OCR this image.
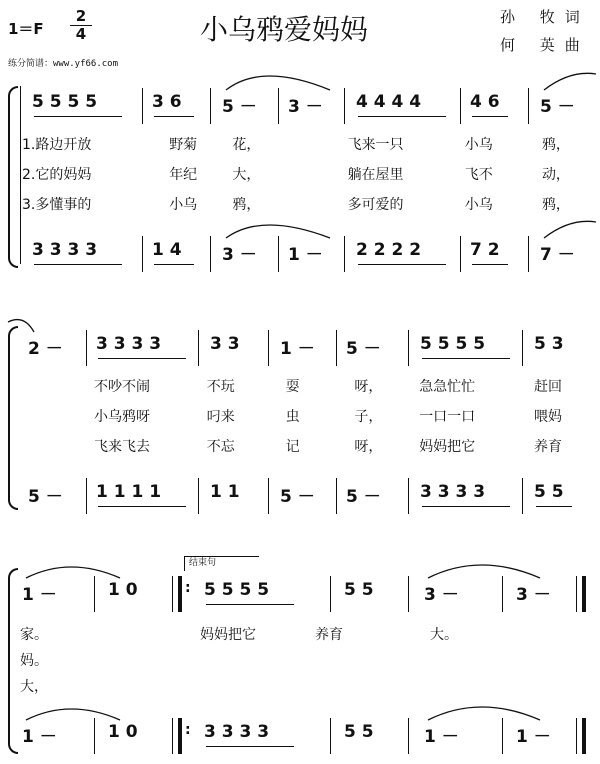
1＝F
2
4	小乌鸦爱妈妈	孙 牧词
何 英曲
练分简谱：www.yf66.com
5 5 5 5	3 6 5 － 3 － 4 4 4 4	4 6 5 －
1.路边开放	野菊	花，	飞来一只	小乌	鸦，
2.它的妈妈	年纪	大，	躺在屋里	飞不	动，
3.多懂事的	小乌	鸦，	多可爱的	小乌	鸦，
3 3 3 3	1 4 3 － 1 － 2 2 2 2	7 2 7 －
2 － 3 3 3 3	3 3 1 － 5 － 5 5 5 5	5 3
不吵不闹	不玩	耍	呀，	急急忙忙	赶回
小乌鸦呀	叼来	虫	子，	一口一口	喂妈
飞来飞去	不忘	记	呀，	妈妈把它	养育
5 － 1 1 1 1	1 1 5 － 5 － 3 3 3 3	5 5
结束句
1 －	1 0	5 5 5 5	5 5	3 －	3 －
:
家。
妈。
大，
妈妈把它	养育	大。
1 －	1 0	3 3 3 3	5 5	1 －	1 －
:
